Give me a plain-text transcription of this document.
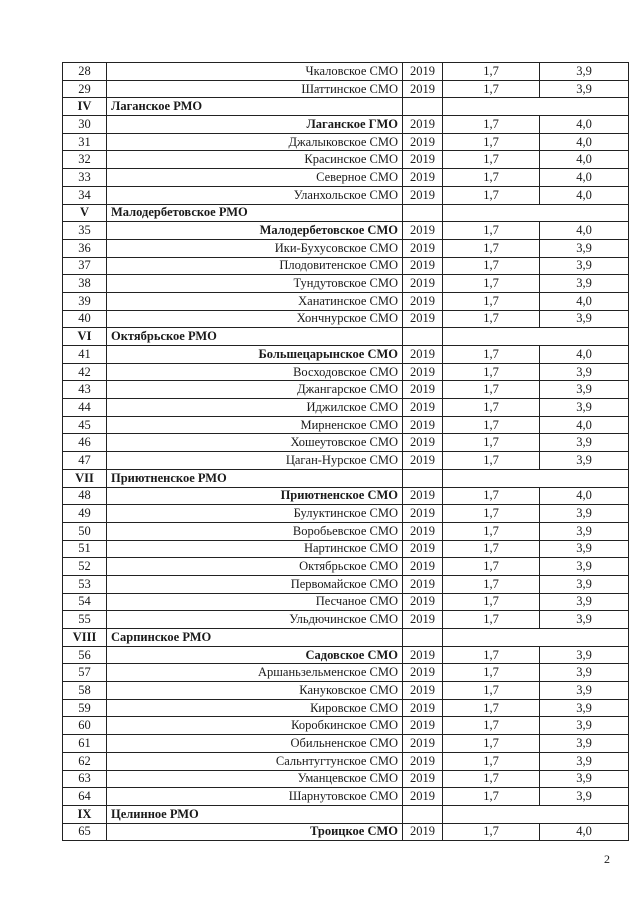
28	Чкаловское СМО	2019	1,7	3,9
29	Шаттинское СМО	2019	1,7	3,9
IV	Лаганское РМО			
30	Лаганское ГМО	2019	1,7	4,0
31	Джалыковское СМО	2019	1,7	4,0
32	Красинское СМО	2019	1,7	4,0
33	Северное СМО	2019	1,7	4,0
34	Уланхольское СМО	2019	1,7	4,0
V	Малодербетовское РМО			
35	Малодербетовское СМО	2019	1,7	4,0
36	Ики-Бухусовское СМО	2019	1,7	3,9
37	Плодовитенское СМО	2019	1,7	3,9
38	Тундутовское СМО	2019	1,7	3,9
39	Ханатинское СМО	2019	1,7	4,0
40	Хончнурское СМО	2019	1,7	3,9
VI	Октябрьское РМО			
41	Большецарынское СМО	2019	1,7	4,0
42	Восходовское СМО	2019	1,7	3,9
43	Джангарское СМО	2019	1,7	3,9
44	Иджилское СМО	2019	1,7	3,9
45	Мирненское СМО	2019	1,7	4,0
46	Хошеутовское СМО	2019	1,7	3,9
47	Цаган-Нурское СМО	2019	1,7	3,9
VII	Приютненское РМО			
48	Приютненское СМО	2019	1,7	4,0
49	Булуктинское СМО	2019	1,7	3,9
50	Воробьевское СМО	2019	1,7	3,9
51	Нартинское СМО	2019	1,7	3,9
52	Октябрьское СМО	2019	1,7	3,9
53	Первомайское СМО	2019	1,7	3,9
54	Песчаное СМО	2019	1,7	3,9
55	Ульдючинское СМО	2019	1,7	3,9
VIII	Сарпинское РМО			
56	Садовское СМО	2019	1,7	3,9
57	Аршаньзельменское СМО	2019	1,7	3,9
58	Кануковское СМО	2019	1,7	3,9
59	Кировское СМО	2019	1,7	3,9
60	Коробкинское СМО	2019	1,7	3,9
61	Обильненское СМО	2019	1,7	3,9
62	Сальнтугтунское СМО	2019	1,7	3,9
63	Уманцевское СМО	2019	1,7	3,9
64	Шарнутовское СМО	2019	1,7	3,9
IX	Целинное РМО			
65	Троицкое СМО	2019	1,7	4,0
2
